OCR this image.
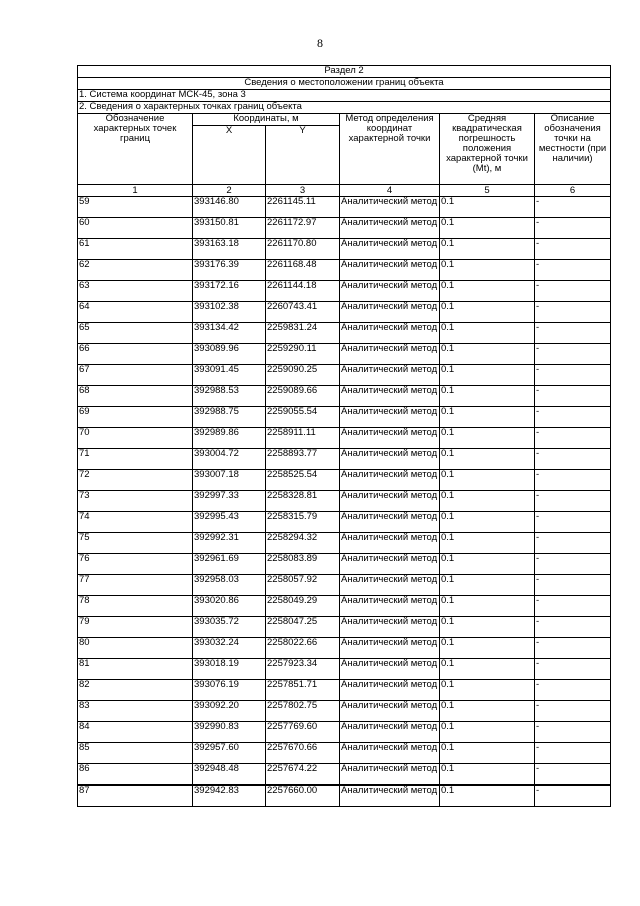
8
Раздел 2					
Сведения о местоположении границ объекта					
1. Система координат МСК-45, зона 3					
2. Сведения о характерных точках границ объекта					
Обозначение характерных точек границ	Координаты, м		Метод определения координат характерной точки	Средняя квадратическая погрешность положения характерной точки (Mt), м	Описание обозначения точки на местности (при наличии)
	X	Y			
1	2	3	4	5	6
59	393146.80	2261145.11	Аналитический метод	0.1	-
60	393150.81	2261172.97	Аналитический метод	0.1	-
61	393163.18	2261170.80	Аналитический метод	0.1	-
62	393176.39	2261168.48	Аналитический метод	0.1	-
63	393172.16	2261144.18	Аналитический метод	0.1	-
64	393102.38	2260743.41	Аналитический метод	0.1	-
65	393134.42	2259831.24	Аналитический метод	0.1	-
66	393089.96	2259290.11	Аналитический метод	0.1	-
67	393091.45	2259090.25	Аналитический метод	0.1	-
68	392988.53	2259089.66	Аналитический метод	0.1	-
69	392988.75	2259055.54	Аналитический метод	0.1	-
70	392989.86	2258911.11	Аналитический метод	0.1	-
71	393004.72	2258893.77	Аналитический метод	0.1	-
72	393007.18	2258525.54	Аналитический метод	0.1	-
73	392997.33	2258328.81	Аналитический метод	0.1	-
74	392995.43	2258315.79	Аналитический метод	0.1	-
75	392992.31	2258294.32	Аналитический метод	0.1	-
76	392961.69	2258083.89	Аналитический метод	0.1	-
77	392958.03	2258057.92	Аналитический метод	0.1	-
78	393020.86	2258049.29	Аналитический метод	0.1	-
79	393035.72	2258047.25	Аналитический метод	0.1	-
80	393032.24	2258022.66	Аналитический метод	0.1	-
81	393018.19	2257923.34	Аналитический метод	0.1	-
82	393076.19	2257851.71	Аналитический метод	0.1	-
83	393092.20	2257802.75	Аналитический метод	0.1	-
84	392990.83	2257769.60	Аналитический метод	0.1	-
85	392957.60	2257670.66	Аналитический метод	0.1	-
86	392948.48	2257674.22	Аналитический метод	0.1	-
87	392942.83	2257660.00	Аналитический метод	0.1	-
